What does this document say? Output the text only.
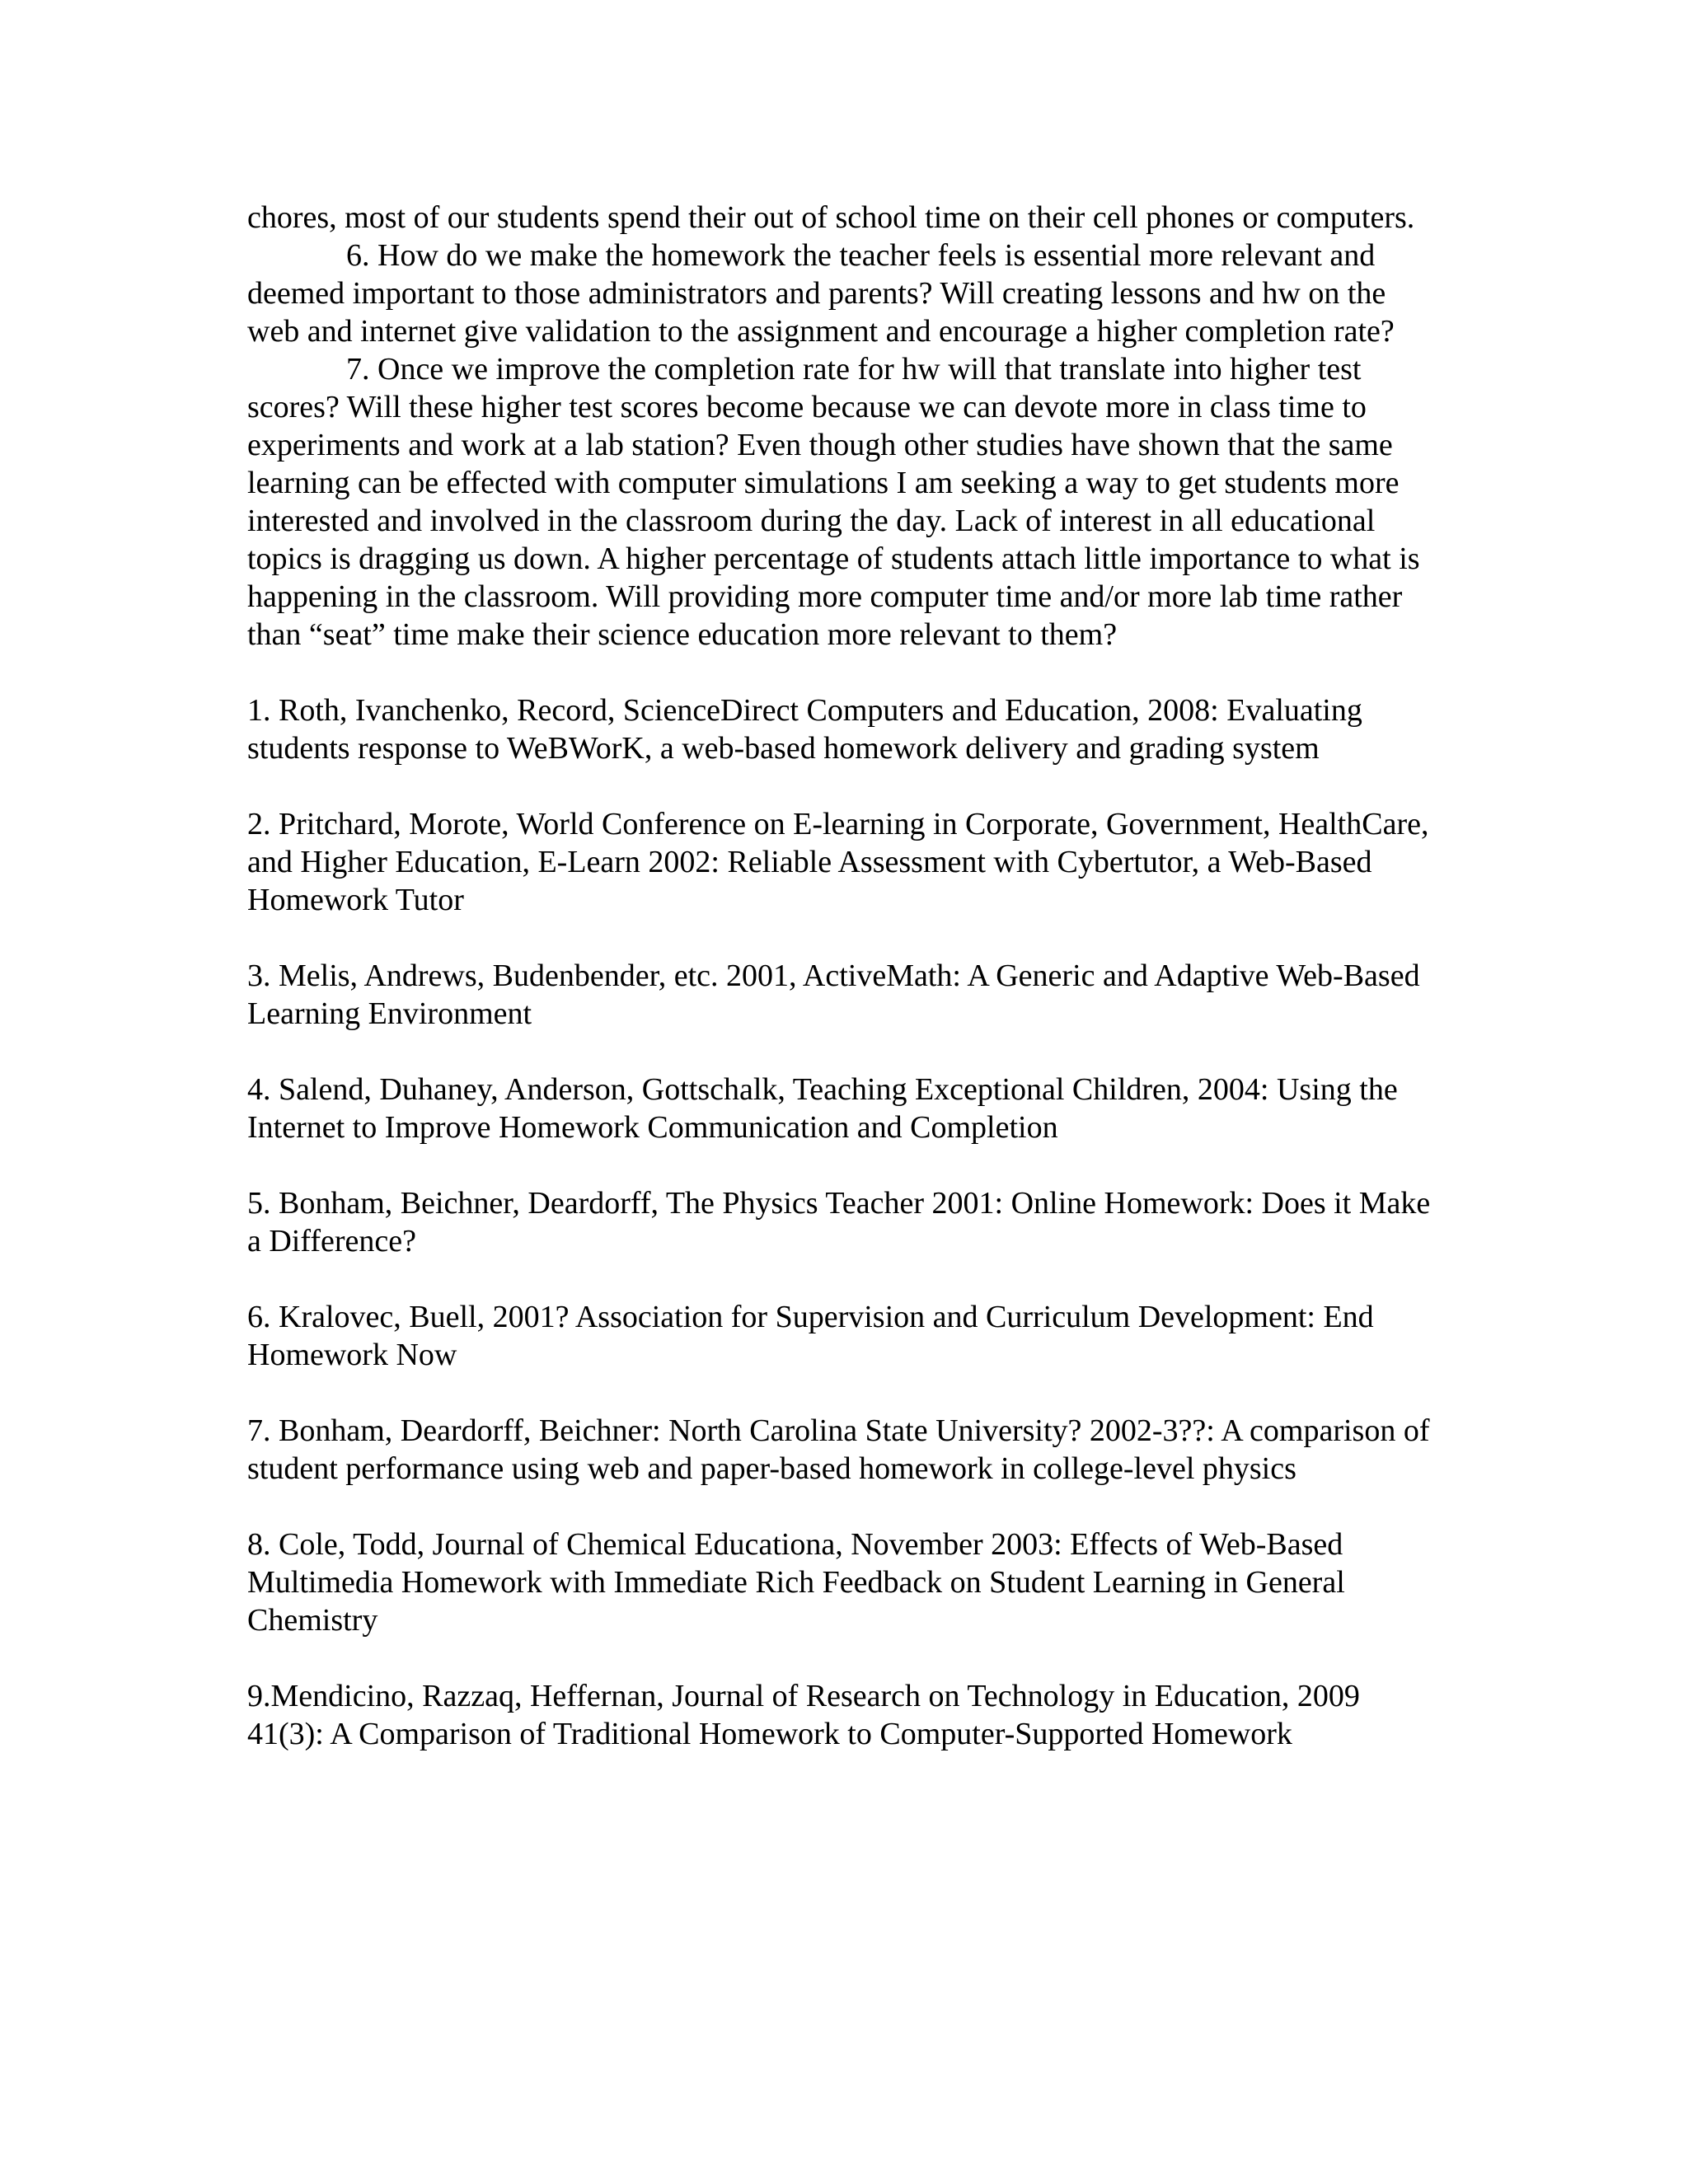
chores, most of our students spend their out of school time on their cell phones or computers.

6. How do we make the homework the teacher feels is essential more relevant and deemed important to those administrators and parents? Will creating lessons and hw on the web and internet give validation to the assignment and encourage a higher completion rate?

7. Once we improve the completion rate for hw will that translate into higher test scores? Will these higher test scores become because we can devote more in class time to experiments and work at a lab station? Even though other studies have shown that the same learning can be effected with computer simulations I am seeking a way to get students more interested and involved in the classroom during the day. Lack of interest in all educational topics is dragging us down. A higher percentage of students attach little importance to what is happening in the classroom. Will providing more computer time and/or more lab time rather than “seat” time make their science education more relevant to them?

1. Roth, Ivanchenko, Record, ScienceDirect Computers and Education, 2008: Evaluating students response to WeBWorK, a web-based homework delivery and grading system

2. Pritchard, Morote, World Conference on E-learning in Corporate, Government, HealthCare, and Higher Education, E-Learn 2002: Reliable Assessment with Cybertutor, a Web-Based Homework Tutor

3. Melis, Andrews, Budenbender, etc. 2001, ActiveMath: A Generic and Adaptive Web-Based Learning Environment

4. Salend, Duhaney, Anderson, Gottschalk, Teaching Exceptional Children, 2004: Using the Internet to Improve Homework Communication and Completion

5. Bonham, Beichner, Deardorff, The Physics Teacher 2001: Online Homework: Does it Make a Difference?

6. Kralovec, Buell, 2001? Association for Supervision and Curriculum Development: End Homework Now

7. Bonham, Deardorff, Beichner: North Carolina State University? 2002-3??: A comparison of student performance using web and paper-based homework in college-level physics

8. Cole, Todd, Journal of Chemical Educationa, November 2003: Effects of Web-Based Multimedia Homework with Immediate Rich Feedback on Student Learning in General Chemistry

9.Mendicino, Razzaq, Heffernan, Journal of Research on Technology in Education, 2009 41(3): A Comparison of Traditional Homework to Computer-Supported Homework
